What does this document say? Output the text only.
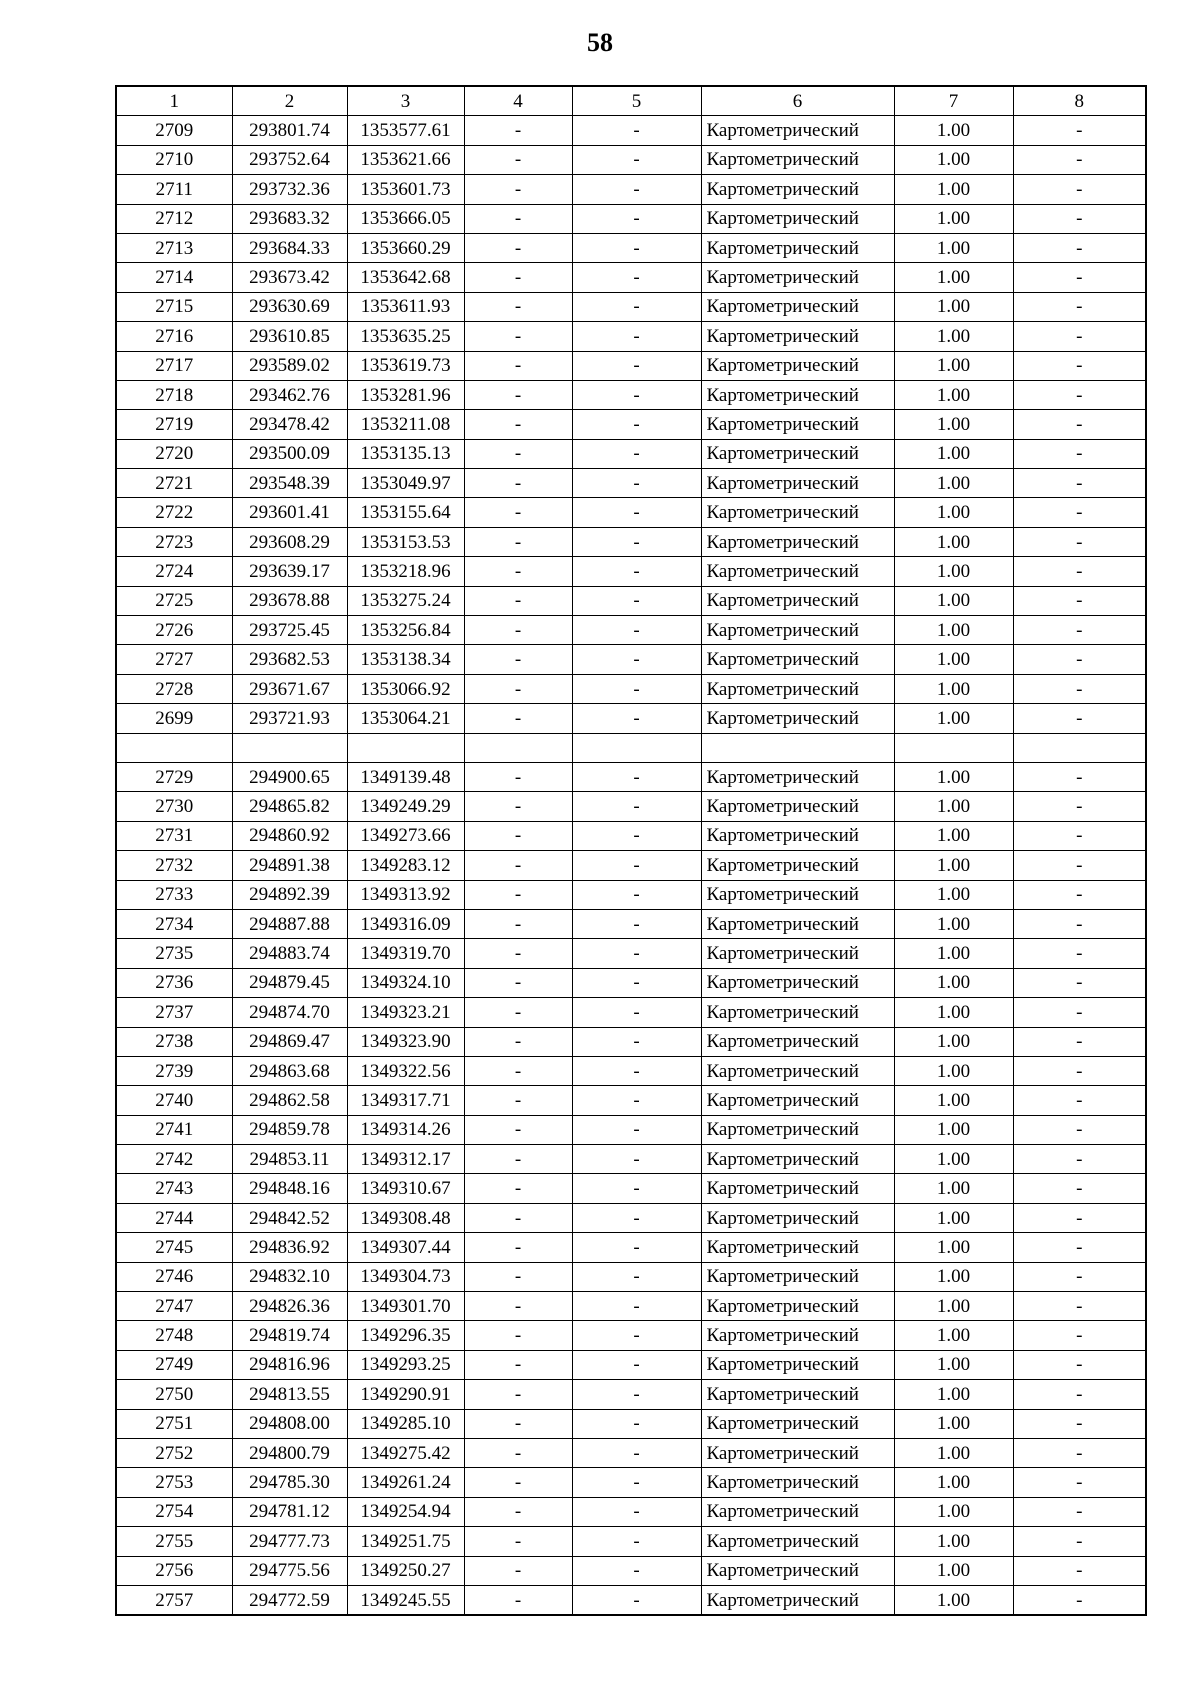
58
1	2	3	4	5	6	7	8
2709	293801.74	1353577.61	-	-	Картометрический	1.00	-
2710	293752.64	1353621.66	-	-	Картометрический	1.00	-
2711	293732.36	1353601.73	-	-	Картометрический	1.00	-
2712	293683.32	1353666.05	-	-	Картометрический	1.00	-
2713	293684.33	1353660.29	-	-	Картометрический	1.00	-
2714	293673.42	1353642.68	-	-	Картометрический	1.00	-
2715	293630.69	1353611.93	-	-	Картометрический	1.00	-
2716	293610.85	1353635.25	-	-	Картометрический	1.00	-
2717	293589.02	1353619.73	-	-	Картометрический	1.00	-
2718	293462.76	1353281.96	-	-	Картометрический	1.00	-
2719	293478.42	1353211.08	-	-	Картометрический	1.00	-
2720	293500.09	1353135.13	-	-	Картометрический	1.00	-
2721	293548.39	1353049.97	-	-	Картометрический	1.00	-
2722	293601.41	1353155.64	-	-	Картометрический	1.00	-
2723	293608.29	1353153.53	-	-	Картометрический	1.00	-
2724	293639.17	1353218.96	-	-	Картометрический	1.00	-
2725	293678.88	1353275.24	-	-	Картометрический	1.00	-
2726	293725.45	1353256.84	-	-	Картометрический	1.00	-
2727	293682.53	1353138.34	-	-	Картометрический	1.00	-
2728	293671.67	1353066.92	-	-	Картометрический	1.00	-
2699	293721.93	1353064.21	-	-	Картометрический	1.00	-

2729	294900.65	1349139.48	-	-	Картометрический	1.00	-
2730	294865.82	1349249.29	-	-	Картометрический	1.00	-
2731	294860.92	1349273.66	-	-	Картометрический	1.00	-
2732	294891.38	1349283.12	-	-	Картометрический	1.00	-
2733	294892.39	1349313.92	-	-	Картометрический	1.00	-
2734	294887.88	1349316.09	-	-	Картометрический	1.00	-
2735	294883.74	1349319.70	-	-	Картометрический	1.00	-
2736	294879.45	1349324.10	-	-	Картометрический	1.00	-
2737	294874.70	1349323.21	-	-	Картометрический	1.00	-
2738	294869.47	1349323.90	-	-	Картометрический	1.00	-
2739	294863.68	1349322.56	-	-	Картометрический	1.00	-
2740	294862.58	1349317.71	-	-	Картометрический	1.00	-
2741	294859.78	1349314.26	-	-	Картометрический	1.00	-
2742	294853.11	1349312.17	-	-	Картометрический	1.00	-
2743	294848.16	1349310.67	-	-	Картометрический	1.00	-
2744	294842.52	1349308.48	-	-	Картометрический	1.00	-
2745	294836.92	1349307.44	-	-	Картометрический	1.00	-
2746	294832.10	1349304.73	-	-	Картометрический	1.00	-
2747	294826.36	1349301.70	-	-	Картометрический	1.00	-
2748	294819.74	1349296.35	-	-	Картометрический	1.00	-
2749	294816.96	1349293.25	-	-	Картометрический	1.00	-
2750	294813.55	1349290.91	-	-	Картометрический	1.00	-
2751	294808.00	1349285.10	-	-	Картометрический	1.00	-
2752	294800.79	1349275.42	-	-	Картометрический	1.00	-
2753	294785.30	1349261.24	-	-	Картометрический	1.00	-
2754	294781.12	1349254.94	-	-	Картометрический	1.00	-
2755	294777.73	1349251.75	-	-	Картометрический	1.00	-
2756	294775.56	1349250.27	-	-	Картометрический	1.00	-
2757	294772.59	1349245.55	-	-	Картометрический	1.00	-
